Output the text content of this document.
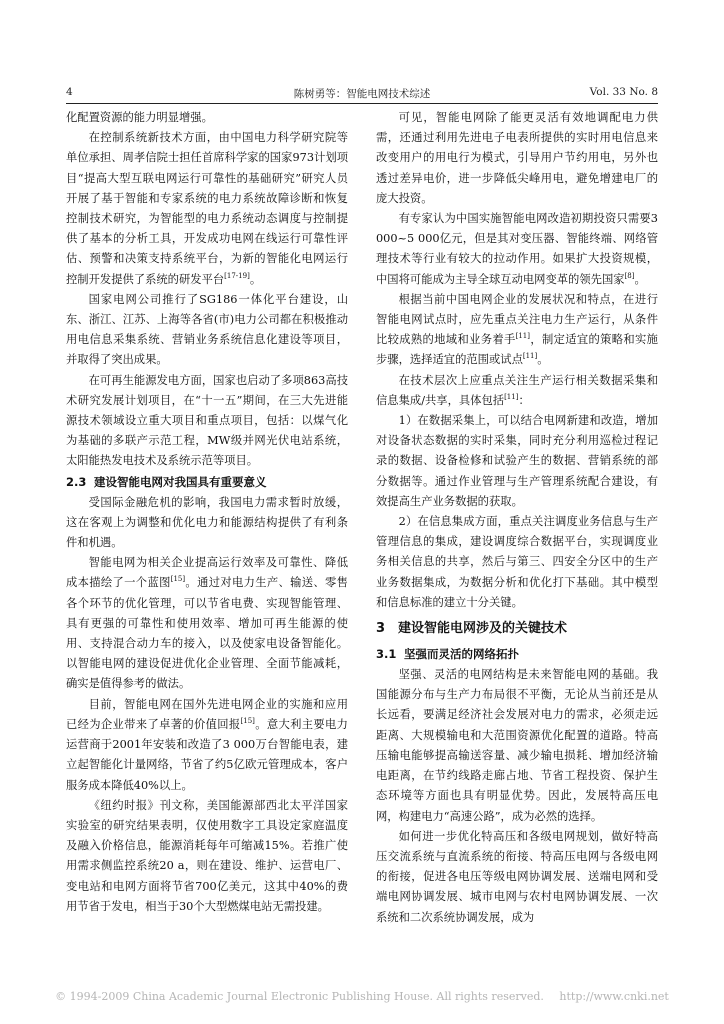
4	陈树勇等：智能电网技术综述	Vol. 33 No. 8

化配置资源的能力明显增强。

在控制系统新技术方面，由中国电力科学研究院等单位承担、周孝信院士担任首席科学家的国家973计划项目“提高大型互联电网运行可靠性的基础研究”研究人员开展了基于智能和专家系统的电力系统故障诊断和恢复控制技术研究，为智能型的电力系统动态调度与控制提供了基本的分析工具，开发成功电网在线运行可靠性评估、预警和决策支持系统平台，为新的智能化电网运行控制开发提供了系统的研发平台[17-19]。

国家电网公司推行了SG186一体化平台建设，山东、浙江、江苏、上海等各省(市)电力公司都在积极推动用电信息采集系统、营销业务系统信息化建设等项目，并取得了突出成果。

在可再生能源发电方面，国家也启动了多项863高技术研究发展计划项目，在“十一五”期间，在三大先进能源技术领域设立重大项目和重点项目，包括：以煤气化为基础的多联产示范工程，MW级并网光伏电站系统，太阳能热发电技术及系统示范等项目。

2.3 建设智能电网对我国具有重要意义

受国际金融危机的影响，我国电力需求暂时放缓，这在客观上为调整和优化电力和能源结构提供了有利条件和机遇。

智能电网为相关企业提高运行效率及可靠性、降低成本描绘了一个蓝图[15]。通过对电力生产、输送、零售各个环节的优化管理，可以节省电费、实现智能管理、具有更强的可靠性和使用效率、增加可再生能源的使用、支持混合动力车的接入，以及使家电设备智能化。以智能电网的建设促进优化企业管理、全面节能减耗，确实是值得参考的做法。

目前，智能电网在国外先进电网企业的实施和应用已经为企业带来了卓著的价值回报[15]。意大利主要电力运营商于2001年安装和改造了3 000万台智能电表，建立起智能化计量网络，节省了约5亿欧元管理成本，客户服务成本降低40%以上。

《纽约时报》刊文称，美国能源部西北太平洋国家实验室的研究结果表明，仅使用数字工具设定家庭温度及融入价格信息，能源消耗每年可缩减15%。若推广使用需求侧监控系统20 a，则在建设、维护、运营电厂、变电站和电网方面将节省700亿美元，这其中40%的费用节省于发电，相当于30个大型燃煤电站无需投建。

可见，智能电网除了能更灵活有效地调配电力供需，还通过利用先进电子电表所提供的实时用电信息来改变用户的用电行为模式，引导用户节约用电，另外也透过差异电价，进一步降低尖峰用电，避免增建电厂的庞大投资。

有专家认为中国实施智能电网改造初期投资只需要3 000~5 000亿元，但是其对变压器、智能终端、网络管理技术等行业有较大的拉动作用。如果扩大投资规模，中国将可能成为主导全球互动电网变革的领先国家[8]。

根据当前中国电网企业的发展状况和特点，在进行智能电网试点时，应先重点关注电力生产运行，从条件比较成熟的地域和业务着手[11]，制定适宜的策略和实施步骤，选择适宜的范围或试点[11]。

在技术层次上应重点关注生产运行相关数据采集和信息集成/共享，具体包括[11]：

1）在数据采集上，可以结合电网新建和改造，增加对设备状态数据的实时采集，同时充分利用巡检过程记录的数据、设备检修和试验产生的数据、营销系统的部分数据等。通过作业管理与生产管理系统配合建设，有效提高生产业务数据的获取。

2）在信息集成方面，重点关注调度业务信息与生产管理信息的集成，建设调度综合数据平台，实现调度业务相关信息的共享，然后与第三、四安全分区中的生产业务数据集成，为数据分析和优化打下基础。其中模型和信息标准的建立十分关键。

3 建设智能电网涉及的关键技术
3.1 坚强而灵活的网络拓扑

坚强、灵活的电网结构是未来智能电网的基础。我国能源分布与生产力布局很不平衡，无论从当前还是从长远看，要满足经济社会发展对电力的需求，必须走远距离、大规模输电和大范围资源优化配置的道路。特高压输电能够提高输送容量、减少输电损耗、增加经济输电距离，在节约线路走廊占地、节省工程投资、保护生态环境等方面也具有明显优势。因此，发展特高压电网，构建电力“高速公路”，成为必然的选择。

如何进一步优化特高压和各级电网规划，做好特高压交流系统与直流系统的衔接、特高压电网与各级电网的衔接，促进各电压等级电网协调发展、送端电网和受端电网协调发展、城市电网与农村电网协调发展、一次系统和二次系统协调发展，成为

© 1994-2009 China Academic Journal Electronic Publishing House. All rights reserved. http://www.cnki.net
